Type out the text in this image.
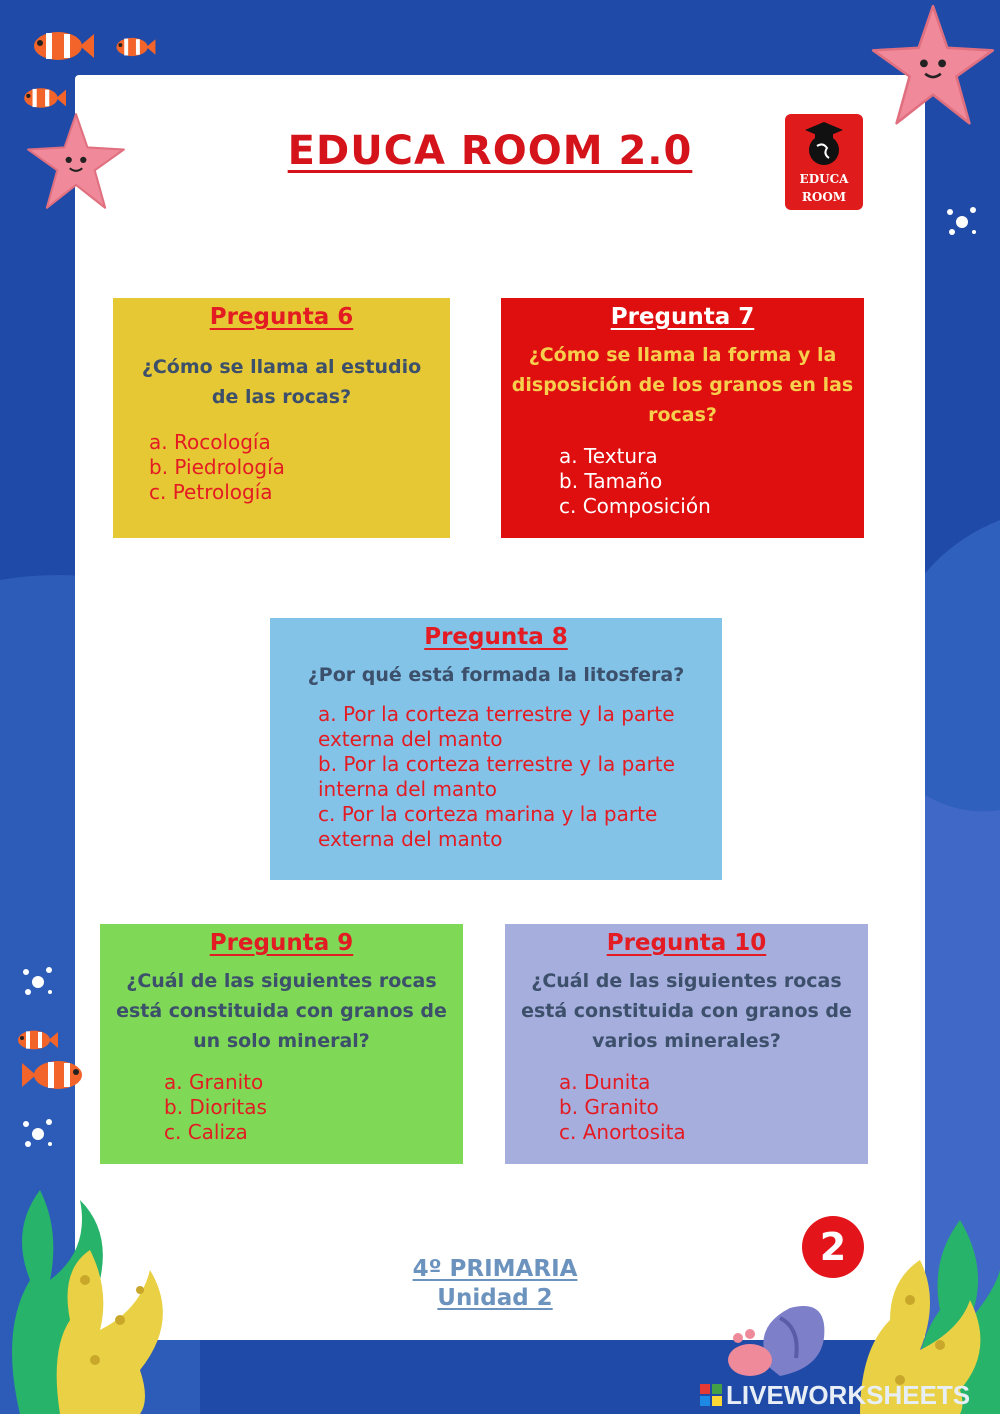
EDUCA ROOM 2.0
EDUCA
ROOM
Pregunta 6
¿Cómo se llama al estudio de las rocas?
a. Rocología
b. Piedrología
c. Petrología
Pregunta 7
¿Cómo se llama la forma y la disposición de los granos en las rocas?
a. Textura
b. Tamaño
c. Composición
Pregunta 8
¿Por qué está formada la litosfera?
a. Por la corteza terrestre y la parte externa del manto
b. Por la corteza terrestre y la parte interna del manto
c. Por la corteza marina y la parte externa del manto
Pregunta 9
¿Cuál de las siguientes rocas está constituida con granos de un solo mineral?
a. Granito
b. Dioritas
c. Caliza
Pregunta 10
¿Cuál de las siguientes rocas está constituida con granos de varios minerales?
a. Dunita
b. Granito
c. Anortosita
4º PRIMARIA
Unidad 2
2
LIVEWORKSHEETS
